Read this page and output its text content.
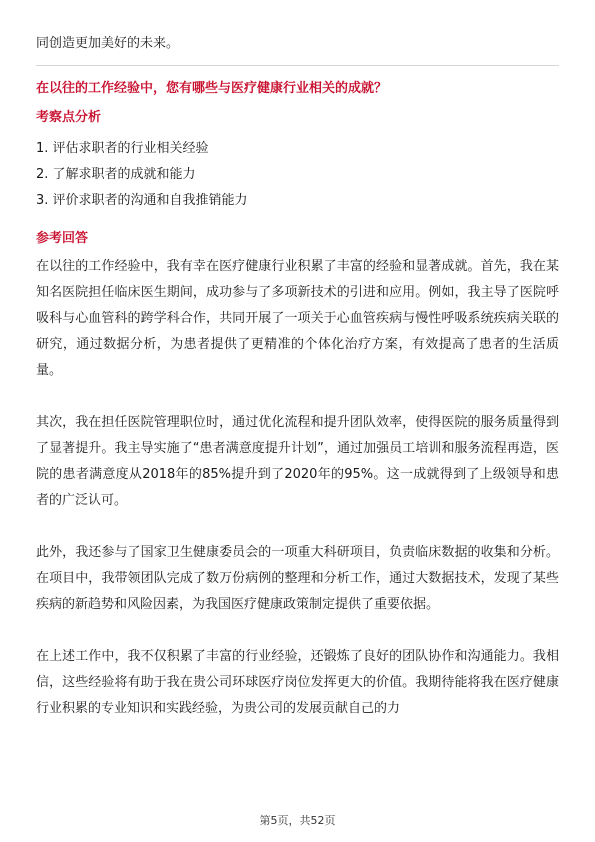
同创造更加美好的未来。
在以往的工作经验中，您有哪些与医疗健康行业相关的成就？
考察点分析
1. 评估求职者的行业相关经验
2. 了解求职者的成就和能力
3. 评价求职者的沟通和自我推销能力
参考回答

在以往的工作经验中，我有幸在医疗健康行业积累了丰富的经验和显著成就。首先，我在某知名医院担任临床医生期间，成功参与了多项新技术的引进和应用。例如，我主导了医院呼吸科与心血管科的跨学科合作，共同开展了一项关于心血管疾病与慢性呼吸系统疾病关联的研究，通过数据分析，为患者提供了更精准的个体化治疗方案，有效提高了患者的生活质量。

其次，我在担任医院管理职位时，通过优化流程和提升团队效率，使得医院的服务质量得到了显著提升。我主导实施了“患者满意度提升计划”，通过加强员工培训和服务流程再造，医院的患者满意度从2018年的85%提升到了2020年的95%。这一成就得到了上级领导和患者的广泛认可。

此外，我还参与了国家卫生健康委员会的一项重大科研项目，负责临床数据的收集和分析。在项目中，我带领团队完成了数万份病例的整理和分析工作，通过大数据技术，发现了某些疾病的新趋势和风险因素，为我国医疗健康政策制定提供了重要依据。

在上述工作中，我不仅积累了丰富的行业经验，还锻炼了良好的团队协作和沟通能力。我相信，这些经验将有助于我在贵公司环球医疗岗位发挥更大的价值。我期待能将我在医疗健康行业积累的专业知识和实践经验，为贵公司的发展贡献自己的力

第5页，共52页
